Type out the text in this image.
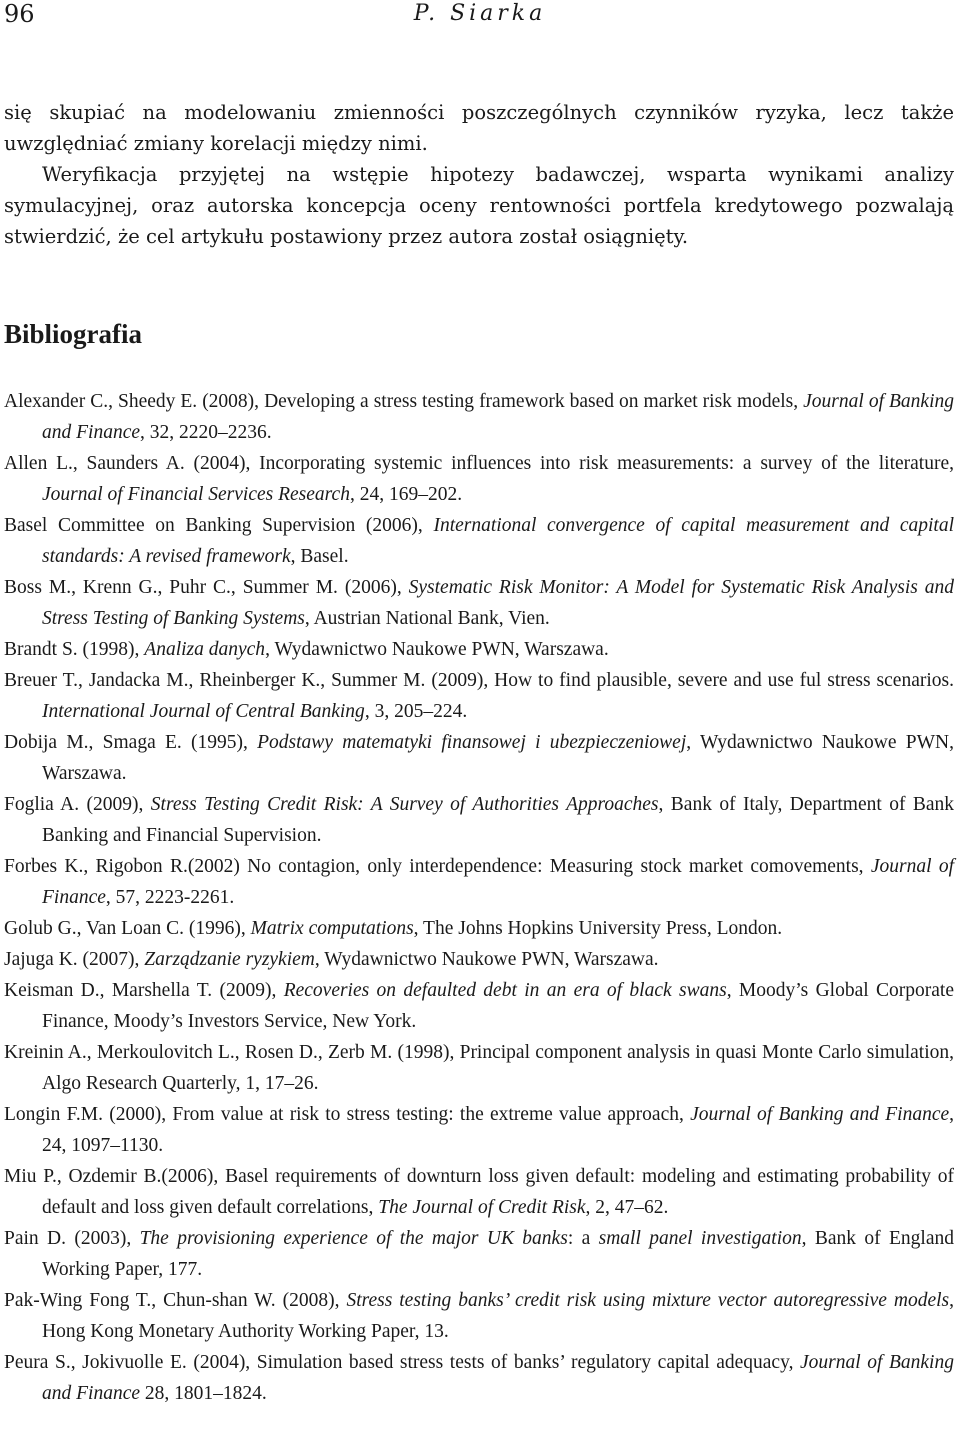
96	P. Siarka

się skupiać na modelowaniu zmienności poszczególnych czynników ryzyka, lecz także uwzględniać zmiany korelacji między nimi.

Weryfikacja przyjętej na wstępie hipotezy badawczej, wsparta wynikami analizy symulacyjnej, oraz autorska koncepcja oceny rentowności portfela kredytowego pozwalają stwierdzić, że cel artykułu postawiony przez autora został osiągnięty.

Bibliografia
Alexander C., Sheedy E. (2008), Developing a stress testing framework based on market risk models, Journal of Banking and Finance, 32, 2220–2236.
Allen L., Saunders A. (2004), Incorporating systemic influences into risk measurements: a survey of the literature, Journal of Financial Services Research, 24, 169–202.
Basel Committee on Banking Supervision (2006), International convergence of capital measurement and capital standards: A revised framework, Basel.
Boss M., Krenn G., Puhr C., Summer M. (2006), Systematic Risk Monitor: A Model for Systematic Risk Analysis and Stress Testing of Banking Systems, Austrian National Bank, Vien.
Brandt S. (1998), Analiza danych, Wydawnictwo Naukowe PWN, Warszawa.
Breuer T., Jandacka M., Rheinberger K., Summer M. (2009), How to find plausible, severe and use ful stress scenarios. International Journal of Central Banking, 3, 205–224.
Dobija M., Smaga E. (1995), Podstawy matematyki finansowej i ubezpieczeniowej, Wydawnictwo Naukowe PWN, Warszawa.
Foglia A. (2009), Stress Testing Credit Risk: A Survey of Authorities Approaches, Bank of Italy, Department of Bank Banking and Financial Supervision.
Forbes K., Rigobon R.(2002) No contagion, only interdependence: Measuring stock market comovements, Journal of Finance, 57, 2223-2261.
Golub G., Van Loan C. (1996), Matrix computations, The Johns Hopkins University Press, London.
Jajuga K. (2007), Zarządzanie ryzykiem, Wydawnictwo Naukowe PWN, Warszawa.
Keisman D., Marshella T. (2009), Recoveries on defaulted debt in an era of black swans, Moody’s Global Corporate Finance, Moody’s Investors Service, New York.
Kreinin A., Merkoulovitch L., Rosen D., Zerb M. (1998), Principal component analysis in quasi Monte Carlo simulation, Algo Research Quarterly, 1, 17–26.
Longin F.M. (2000), From value at risk to stress testing: the extreme value approach, Journal of Banking and Finance, 24, 1097–1130.
Miu P., Ozdemir B.(2006), Basel requirements of downturn loss given default: modeling and estimating probability of default and loss given default correlations, The Journal of Credit Risk, 2, 47–62.
Pain D. (2003), The provisioning experience of the major UK banks: a small panel investigation, Bank of England Working Paper, 177.
Pak-Wing Fong T., Chun-shan W. (2008), Stress testing banks’ credit risk using mixture vector autoregressive models, Hong Kong Monetary Authority Working Paper, 13.
Peura S., Jokivuolle E. (2004), Simulation based stress tests of banks’ regulatory capital adequacy, Journal of Banking and Finance 28, 1801–1824.
